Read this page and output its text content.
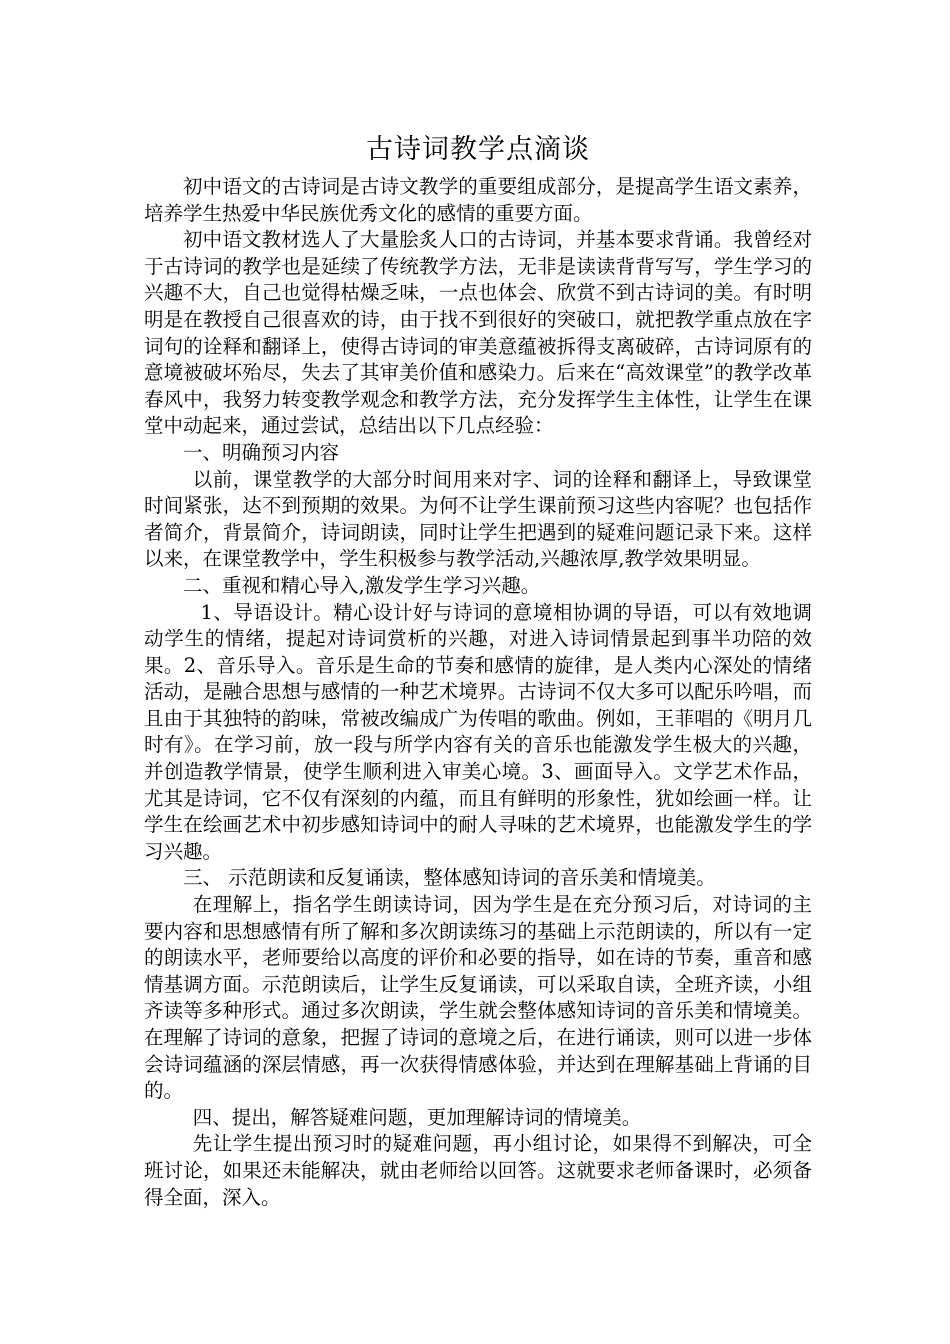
古诗词教学点滴谈

初中语文的古诗词是古诗文教学的重要组成部分，是提高学生语文素养，培养学生热爱中华民族优秀文化的感情的重要方面。

初中语文教材选人了大量脍炙人口的古诗词，并基本要求背诵。我曾经对于古诗词的教学也是延续了传统教学方法，无非是读读背背写写，学生学习的兴趣不大，自己也觉得枯燥乏味，一点也体会、欣赏不到古诗词的美。有时明明是在教授自己很喜欢的诗，由于找不到很好的突破口，就把教学重点放在字词句的诠释和翻译上，使得古诗词的审美意蕴被拆得支离破碎，古诗词原有的意境被破坏殆尽，失去了其审美价值和感染力。后来在“高效课堂”的教学改革春风中，我努力转变教学观念和教学方法，充分发挥学生主体性，让学生在课堂中动起来，通过尝试，总结出以下几点经验：

一、明确预习内容

以前，课堂教学的大部分时间用来对字、词的诠释和翻译上，导致课堂时间紧张，达不到预期的效果。为何不让学生课前预习这些内容呢？也包括作者简介，背景简介，诗词朗读，同时让学生把遇到的疑难问题记录下来。这样以来，在课堂教学中，学生积极参与教学活动,兴趣浓厚,教学效果明显。

二、重视和精心导入,激发学生学习兴趣。

1、导语设计。精心设计好与诗词的意境相协调的导语，可以有效地调动学生的情绪，提起对诗词赏析的兴趣，对进入诗词情景起到事半功陪的效果。2、音乐导入。音乐是生命的节奏和感情的旋律，是人类内心深处的情绪活动，是融合思想与感情的一种艺术境界。古诗词不仅大多可以配乐吟唱，而且由于其独特的韵味，常被改编成广为传唱的歌曲。例如，王菲唱的《明月几时有》。在学习前，放一段与所学内容有关的音乐也能激发学生极大的兴趣，并创造教学情景，使学生顺利进入审美心境。3、画面导入。文学艺术作品，尤其是诗词，它不仅有深刻的内蕴，而且有鲜明的形象性，犹如绘画一样。让学生在绘画艺术中初步感知诗词中的耐人寻味的艺术境界，也能激发学生的学习兴趣。

三、 示范朗读和反复诵读，整体感知诗词的音乐美和情境美。

在理解上，指名学生朗读诗词，因为学生是在充分预习后，对诗词的主要内容和思想感情有所了解和多次朗读练习的基础上示范朗读的，所以有一定的朗读水平，老师要给以高度的评价和必要的指导，如在诗的节奏，重音和感情基调方面。示范朗读后，让学生反复诵读，可以采取自读，全班齐读，小组齐读等多种形式。通过多次朗读，学生就会整体感知诗词的音乐美和情境美。在理解了诗词的意象，把握了诗词的意境之后，在进行诵读，则可以进一步体会诗词蕴涵的深层情感，再一次获得情感体验，并达到在理解基础上背诵的目的。

四、提出，解答疑难问题，更加理解诗词的情境美。

先让学生提出预习时的疑难问题，再小组讨论，如果得不到解决，可全班讨论，如果还未能解决，就由老师给以回答。这就要求老师备课时，必须备得全面，深入。
